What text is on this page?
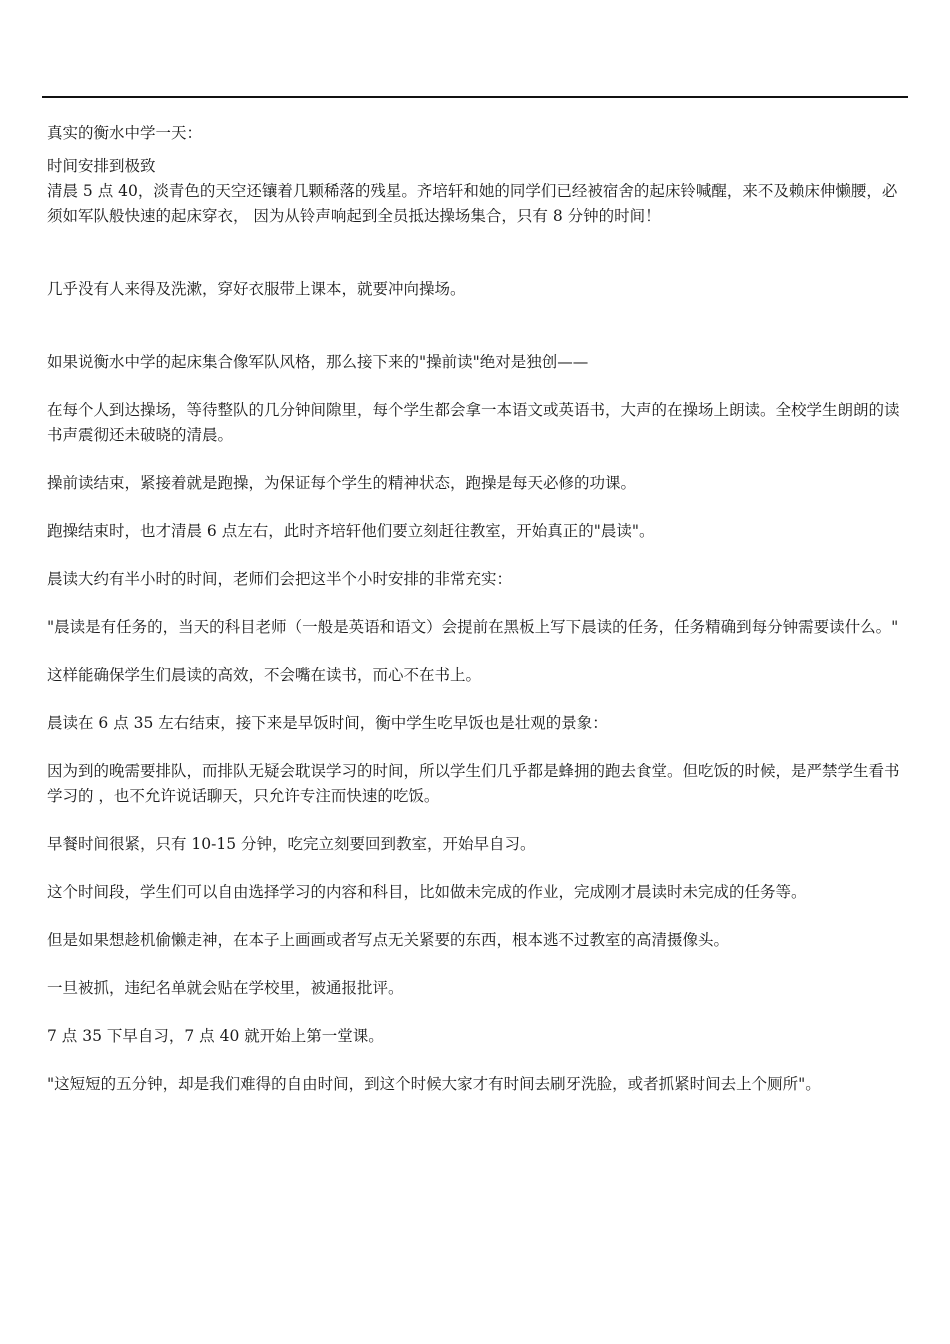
真实的衡水中学一天：

时间安排到极致

清晨 5 点 40，淡青色的天空还镶着几颗稀落的残星。齐培轩和她的同学们已经被宿舍的起床铃喊醒，来不及赖床伸懒腰，必须如军队般快速的起床穿衣， 因为从铃声响起到全员抵达操场集合，只有 8 分钟的时间！

几乎没有人来得及洗漱，穿好衣服带上课本，就要冲向操场。

如果说衡水中学的起床集合像军队风格，那么接下来的"操前读"绝对是独创——

在每个人到达操场，等待整队的几分钟间隙里，每个学生都会拿一本语文或英语书，大声的在操场上朗读。全校学生朗朗的读书声震彻还未破晓的清晨。

操前读结束，紧接着就是跑操，为保证每个学生的精神状态，跑操是每天必修的功课。

跑操结束时，也才清晨 6 点左右，此时齐培轩他们要立刻赶往教室，开始真正的"晨读"。

晨读大约有半小时的时间，老师们会把这半个小时安排的非常充实：

"晨读是有任务的，当天的科目老师（一般是英语和语文）会提前在黑板上写下晨读的任务，任务精确到每分钟需要读什么。"

这样能确保学生们晨读的高效，不会嘴在读书，而心不在书上。

晨读在 6 点 35 左右结束，接下来是早饭时间，衡中学生吃早饭也是壮观的景象：

因为到的晚需要排队，而排队无疑会耽误学习的时间，所以学生们几乎都是蜂拥的跑去食堂。但吃饭的时候，是严禁学生看书学习的 ，也不允许说话聊天，只允许专注而快速的吃饭。

早餐时间很紧，只有 10-15 分钟，吃完立刻要回到教室，开始早自习。

这个时间段，学生们可以自由选择学习的内容和科目，比如做未完成的作业，完成刚才晨读时未完成的任务等。

但是如果想趁机偷懒走神，在本子上画画或者写点无关紧要的东西，根本逃不过教室的高清摄像头。

一旦被抓，违纪名单就会贴在学校里，被通报批评。

7 点 35 下早自习，7 点 40 就开始上第一堂课。

"这短短的五分钟，却是我们难得的自由时间，到这个时候大家才有时间去刷牙洗脸，或者抓紧时间去上个厕所"。
